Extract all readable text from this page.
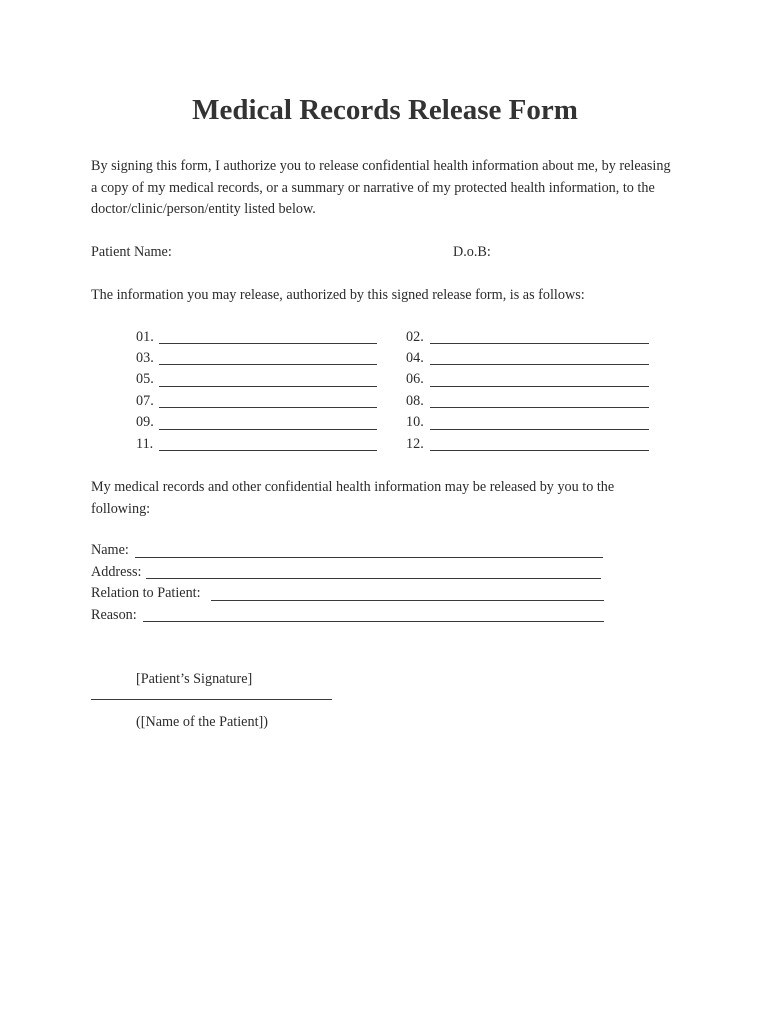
Medical Records Release Form

By signing this form, I authorize you to release confidential health information about me, by releasing a copy of my medical records, or a summary or narrative of my protected health information, to the doctor/clinic/person/entity listed below.

Patient Name:	D.o.B:
The information you may release, authorized by this signed release form, is as follows:
01.	02.
03.	04.
05.	06.
07.	08.
09.	10.
11.	12.

My medical records and other confidential health information may be released by you to the following:

Name:
Address:
Relation to Patient:
Reason:
[Patient’s Signature]
([Name of the Patient])
